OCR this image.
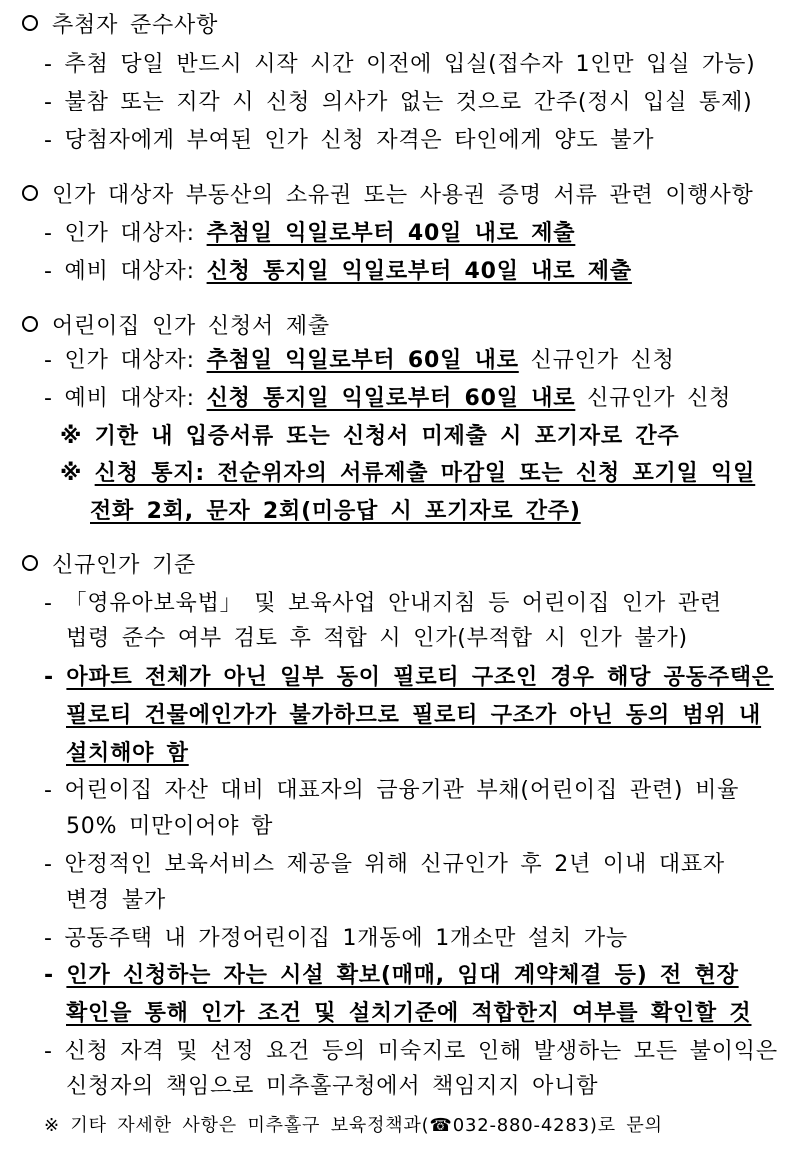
추첨자 준수사항
- 추첨 당일 반드시 시작 시간 이전에 입실(접수자 1인만 입실 가능)
- 불참 또는 지각 시 신청 의사가 없는 것으로 간주(정시 입실 통제)
- 당첨자에게 부여된 인가 신청 자격은 타인에게 양도 불가
인가 대상자 부동산의 소유권 또는 사용권 증명 서류 관련 이행사항
- 인가 대상자: 추첨일 익일로부터 40일 내로 제출
- 예비 대상자: 신청 통지일 익일로부터 40일 내로 제출
어린이집 인가 신청서 제출
- 인가 대상자: 추첨일 익일로부터 60일 내로 신규인가 신청
- 예비 대상자: 신청 통지일 익일로부터 60일 내로 신규인가 신청
※ 기한 내 입증서류 또는 신청서 미제출 시 포기자로 간주
※ 신청 통지: 전순위자의 서류제출 마감일 또는 신청 포기일 익일
전화 2회, 문자 2회(미응답 시 포기자로 간주)
신규인가 기준
- 「영유아보육법」 및 보육사업 안내지침 등 어린이집 인가 관련
법령 준수 여부 검토 후 적합 시 인가(부적합 시 인가 불가)
- 아파트 전체가 아닌 일부 동이 필로티 구조인 경우 해당 공동주택은
필로티 건물에인가가 불가하므로 필로티 구조가 아닌 동의 범위 내
설치해야 함
- 어린이집 자산 대비 대표자의 금융기관 부채(어린이집 관련) 비율
50% 미만이어야 함
- 안정적인 보육서비스 제공을 위해 신규인가 후 2년 이내 대표자
변경 불가
- 공동주택 내 가정어린이집 1개동에 1개소만 설치 가능
- 인가 신청하는 자는 시설 확보(매매, 임대 계약체결 등) 전 현장
확인을 통해 인가 조건 및 설치기준에 적합한지 여부를 확인할 것
- 신청 자격 및 선정 요건 등의 미숙지로 인해 발생하는 모든 불이익은
신청자의 책임으로 미추홀구청에서 책임지지 아니함
※ 기타 자세한 사항은 미추홀구 보육정책과(☎032-880-4283)로 문의
